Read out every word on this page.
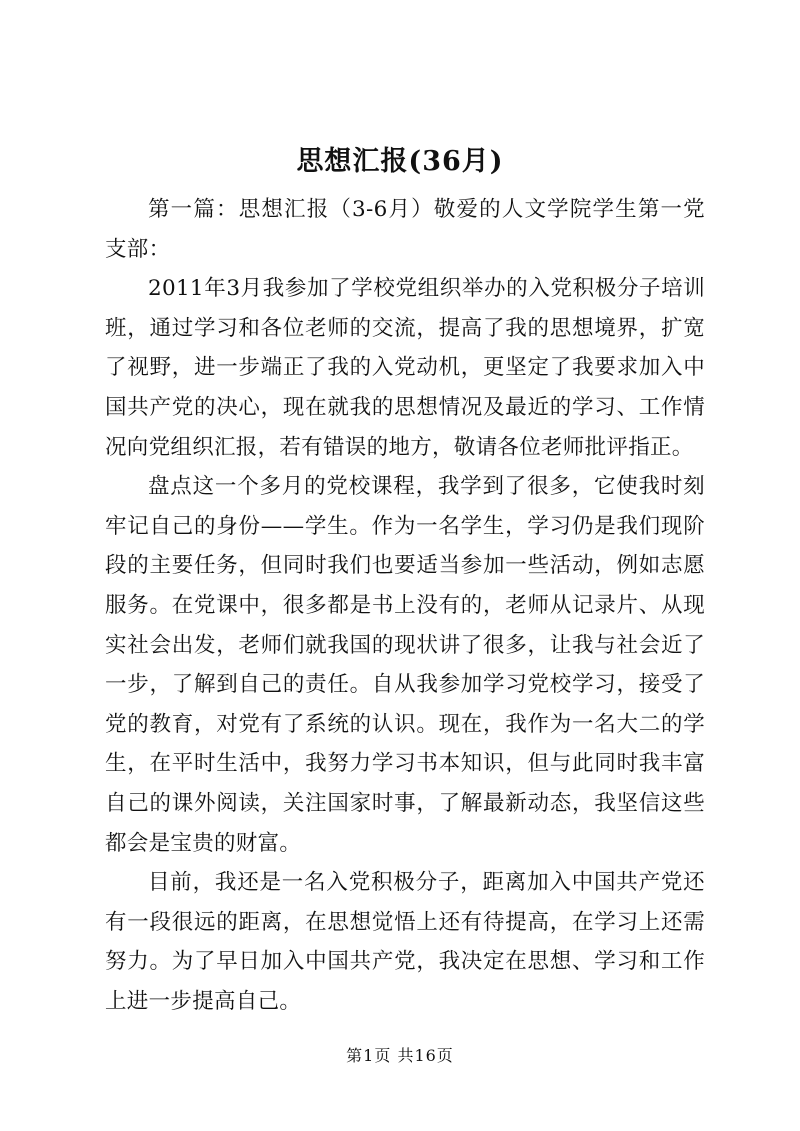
思想汇报(36月)

第一篇：思想汇报（3-6月）敬爱的人文学院学生第一党支部：

2011年3月我参加了学校党组织举办的入党积极分子培训班，通过学习和各位老师的交流，提高了我的思想境界，扩宽了视野，进一步端正了我的入党动机，更坚定了我要求加入中国共产党的决心，现在就我的思想情况及最近的学习、工作情况向党组织汇报，若有错误的地方，敬请各位老师批评指正。

盘点这一个多月的党校课程，我学到了很多，它使我时刻牢记自己的身份——学生。作为一名学生，学习仍是我们现阶段的主要任务，但同时我们也要适当参加一些活动，例如志愿服务。在党课中，很多都是书上没有的，老师从记录片、从现实社会出发，老师们就我国的现状讲了很多，让我与社会近了一步，了解到自己的责任。自从我参加学习党校学习，接受了党的教育，对党有了系统的认识。现在，我作为一名大二的学生，在平时生活中，我努力学习书本知识，但与此同时我丰富自己的课外阅读，关注国家时事，了解最新动态，我坚信这些都会是宝贵的财富。

目前，我还是一名入党积极分子，距离加入中国共产党还有一段很远的距离，在思想觉悟上还有待提高，在学习上还需努力。为了早日加入中国共产党，我决定在思想、学习和工作上进一步提高自己。

第1页 共16页
